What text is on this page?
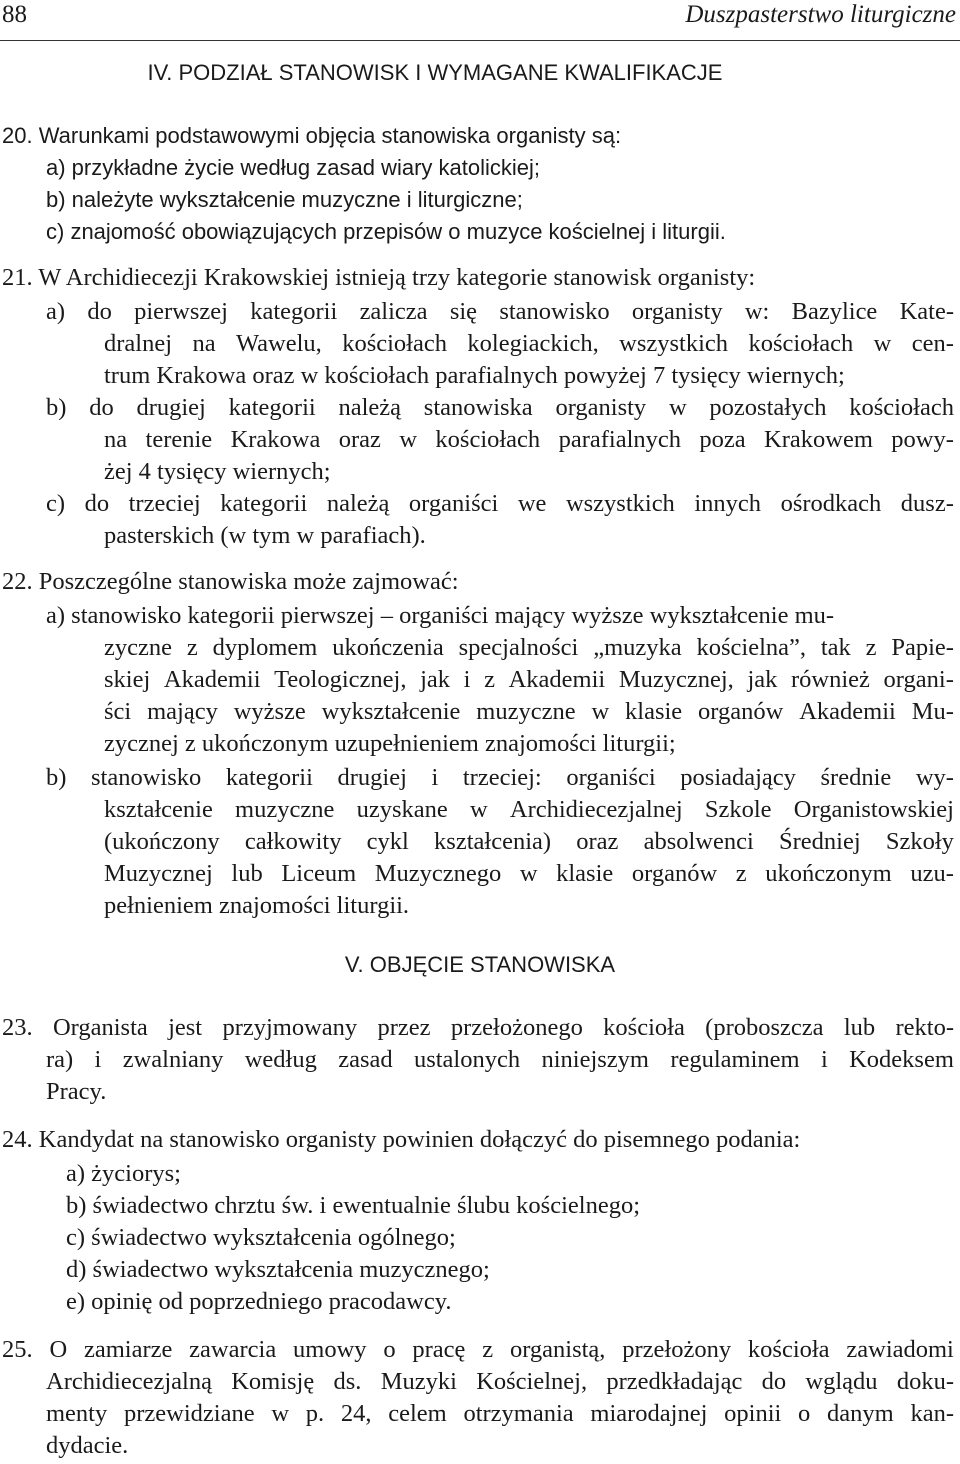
88	Duszpasterstwo liturgiczne
IV. PODZIAŁ STANOWISK I WYMAGANE KWALIFIKACJE
20. Warunkami podstawowymi objęcia stanowiska organisty są:
a) przykładne życie według zasad wiary katolickiej;
b) należyte wykształcenie muzyczne i liturgiczne;
c) znajomość obowiązujących przepisów o muzyce kościelnej i liturgii.
21. W Archidiecezji Krakowskiej istnieją trzy kategorie stanowisk organisty:
a) do pierwszej kategorii zalicza się stanowisko organisty w: Bazylice Kate-
dralnej na Wawelu, kościołach kolegiackich, wszystkich kościołach w cen-
trum Krakowa oraz w kościołach parafialnych powyżej 7 tysięcy wiernych;
b) do drugiej kategorii należą stanowiska organisty w pozostałych kościołach
na terenie Krakowa oraz w kościołach parafialnych poza Krakowem powy-
żej 4 tysięcy wiernych;
c) do trzeciej kategorii należą organiści we wszystkich innych ośrodkach dusz-
pasterskich (w tym w parafiach).
22. Poszczególne stanowiska może zajmować:
a) stanowisko kategorii pierwszej – organiści mający wyższe wykształcenie mu-
zyczne z dyplomem ukończenia specjalności „muzyka kościelna”, tak z Papie-
skiej Akademii Teologicznej, jak i z Akademii Muzycznej, jak również organi-
ści mający wyższe wykształcenie muzyczne w klasie organów Akademii Mu-
zycznej z ukończonym uzupełnieniem znajomości liturgii;
b) stanowisko kategorii drugiej i trzeciej: organiści posiadający średnie wy-
kształcenie muzyczne uzyskane w Archidiecezjalnej Szkole Organistowskiej
(ukończony całkowity cykl kształcenia) oraz absolwenci Średniej Szkoły
Muzycznej lub Liceum Muzycznego w klasie organów z ukończonym uzu-
pełnieniem znajomości liturgii.
V. OBJĘCIE STANOWISKA
23. Organista jest przyjmowany przez przełożonego kościoła (proboszcza lub rekto-
ra) i zwalniany według zasad ustalonych niniejszym regulaminem i Kodeksem
Pracy.
24. Kandydat na stanowisko organisty powinien dołączyć do pisemnego podania:
a) życiorys;
b) świadectwo chrztu św. i ewentualnie ślubu kościelnego;
c) świadectwo wykształcenia ogólnego;
d) świadectwo wykształcenia muzycznego;
e) opinię od poprzedniego pracodawcy.
25. O zamiarze zawarcia umowy o pracę z organistą, przełożony kościoła zawiadomi
Archidiecezjalną Komisję ds. Muzyki Kościelnej, przedkładając do wglądu doku-
menty przewidziane w p. 24, celem otrzymania miarodajnej opinii o danym kan-
dydacie.
